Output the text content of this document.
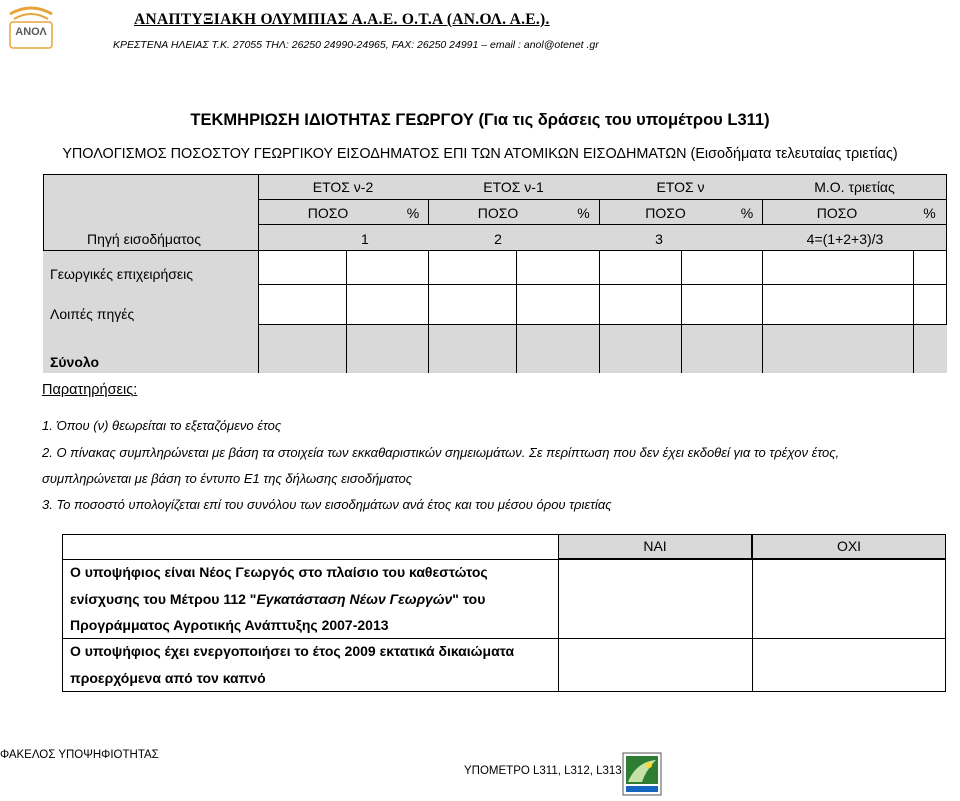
ΑΝΟΛ
ΑΝΑΠΤΥΞΙΑΚΗ ΟΛΥΜΠΙΑΣ Α.Α.Ε. Ο.Τ.Α (ΑΝ.ΟΛ. Α.Ε.).
ΚΡΕΣΤΕΝΑ ΗΛΕΙΑΣ Τ.Κ. 27055 ΤΗΛ: 26250 24990-24965, FAX: 26250 24991 – email : anol@otenet .gr
ΤΕΚΜΗΡΙΩΣΗ ΙΔΙΟΤΗΤΑΣ ΓΕΩΡΓΟΥ (Για τις δράσεις του υπομέτρου L311)
ΥΠΟΛΟΓΙΣΜΟΣ ΠΟΣΟΣΤΟΥ ΓΕΩΡΓΙΚΟΥ ΕΙΣΟΔΗΜΑΤΟΣ ΕΠΙ ΤΩΝ ΑΤΟΜΙΚΩΝ ΕΙΣΟΔΗΜΑΤΩΝ (Εισοδήματα τελευταίας τριετίας)
ΕΤΟΣ ν-2	ΕΤΟΣ ν-1	ΕΤΟΣ ν	Μ.Ο. τριετίας
ΠΟΣΟ	%	ΠΟΣΟ	%	ΠΟΣΟ	%	ΠΟΣΟ	%
Πηγή εισοδήματος	1	2	3	4=(1+2+3)/3
Γεωργικές επιχειρήσεις
Λοιπές πηγές
Σύνολο
Παρατηρήσεις:
1. Όπου (ν) θεωρείται το εξεταζόμενο έτος
2. Ο πίνακας συμπληρώνεται με βάση τα στοιχεία των εκκαθαριστικών σημειωμάτων. Σε περίπτωση που δεν έχει εκδοθεί για το τρέχον έτος,
συμπληρώνεται με βάση το έντυπο Ε1 της δήλωσης εισοδήματος
3. Το ποσοστό υπολογίζεται επί του συνόλου των εισοδημάτων ανά έτος και του μέσου όρου τριετίας
ΝΑΙ	ΟΧΙ
Ο υποψήφιος είναι Νέος Γεωργός στο πλαίσιο του καθεστώτος
ενίσχυσης του Μέτρου 112 "Εγκατάσταση Νέων Γεωργών" του
Προγράμματος Αγροτικής Ανάπτυξης 2007-2013
Ο υποψήφιος έχει ενεργοποιήσει το έτος 2009 εκτατικά δικαιώματα
προερχόμενα από τον καπνό
ΦΑΚΕΛΟΣ ΥΠΟΨΗΦΙΟΤΗΤΑΣ
ΥΠΟΜΕΤΡΟ L311, L312, L313
